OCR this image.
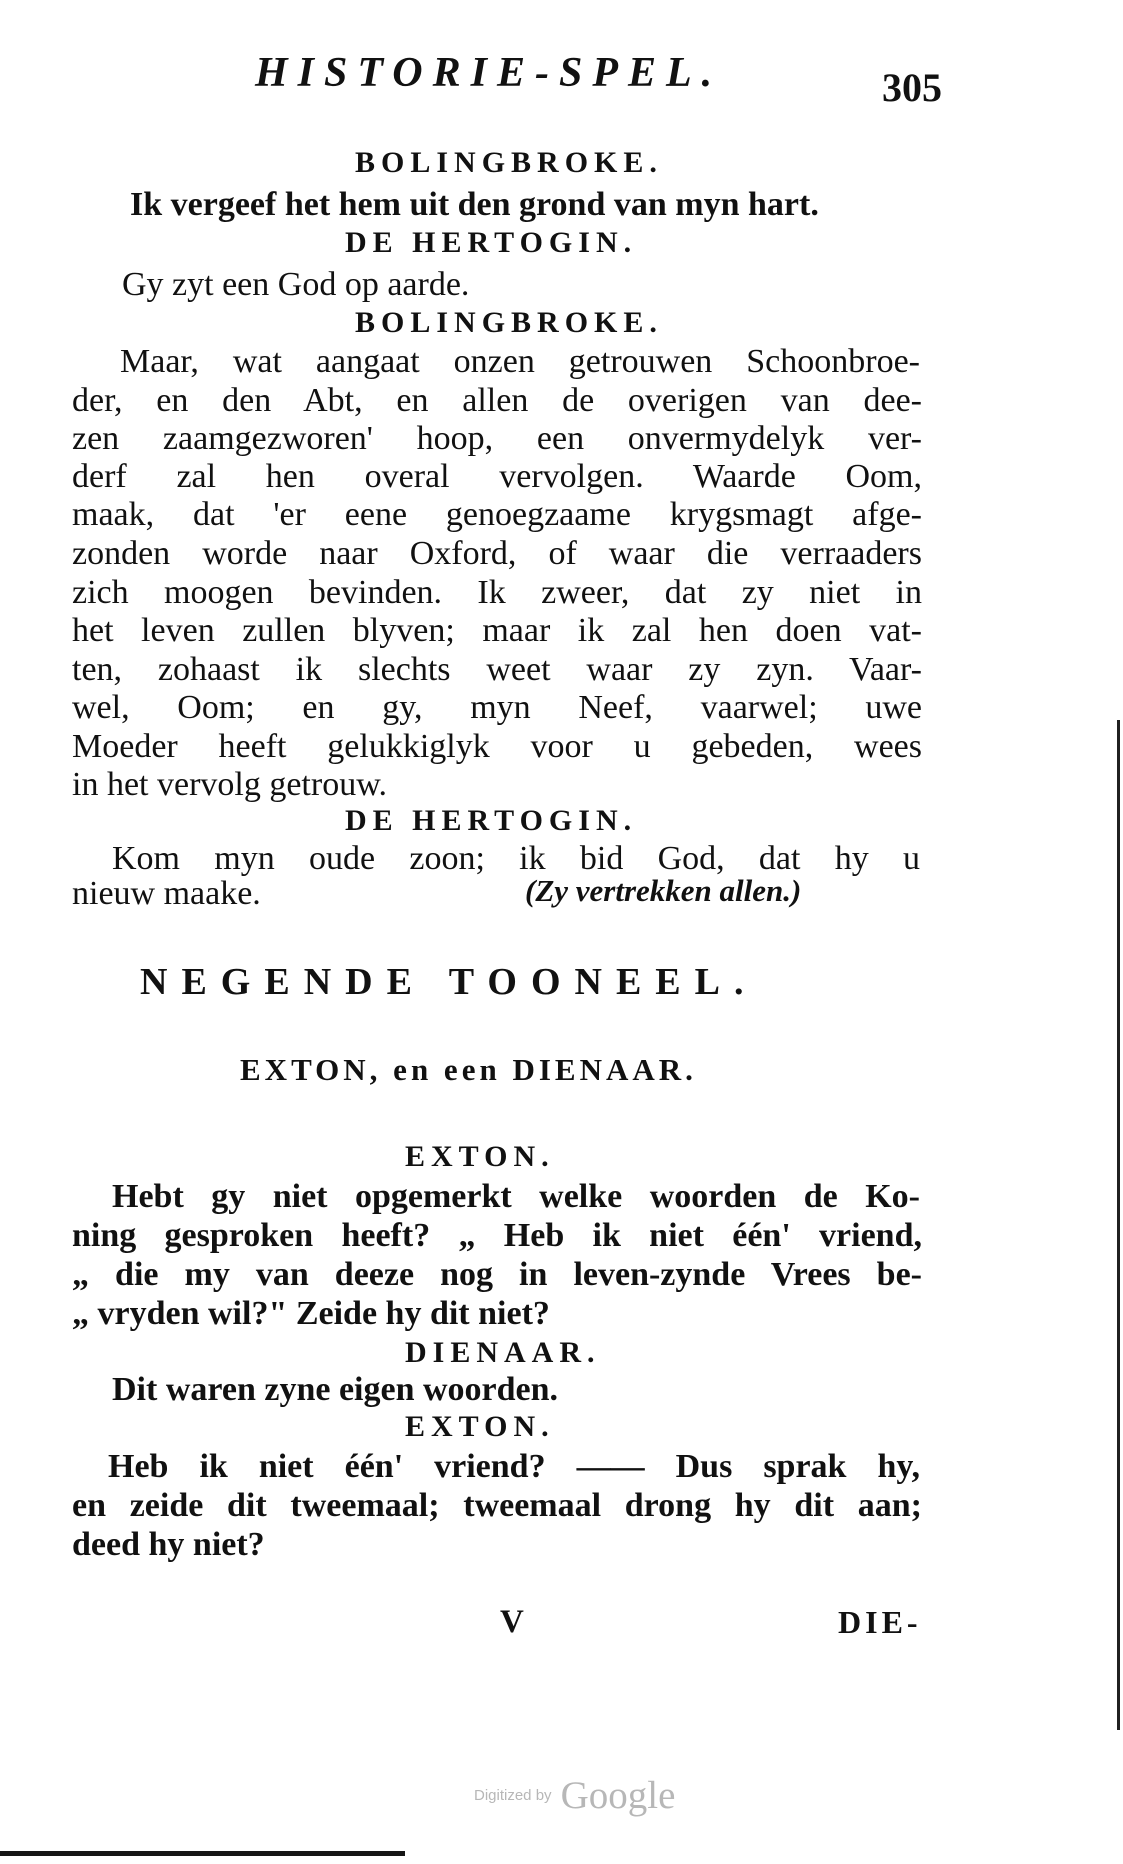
HISTORIE-SPEL.	305
BOLINGBROKE.
Ik vergeef het hem uit den grond van myn hart.
DE HERTOGIN.
Gy zyt een God op aarde.
BOLINGBROKE.
Maar, wat aangaat onzen getrouwen Schoonbroe-
der, en den Abt, en allen de overigen van dee-
zen zaamgezworen' hoop, een onvermydelyk ver-
derf zal hen overal vervolgen. Waarde Oom,
maak, dat 'er eene genoegzaame krygsmagt afge-
zonden worde naar Oxford, of waar die verraaders
zich moogen bevinden. Ik zweer, dat zy niet in
het leven zullen blyven; maar ik zal hen doen vat-
ten, zohaast ik slechts weet waar zy zyn. Vaar-
wel, Oom; en gy, myn Neef, vaarwel; uwe
Moeder heeft gelukkiglyk voor u gebeden, wees
in het vervolg getrouw.
DE HERTOGIN.
Kom myn oude zoon; ik bid God, dat hy u
nieuw maake.	(Zy vertrekken allen.)
NEGENDE TOONEEL.
EXTON, en een DIENAAR.
EXTON.
Hebt gy niet opgemerkt welke woorden de Ko-
ning gesproken heeft? „ Heb ik niet één' vriend,
„ die my van deeze nog in leven-zynde Vrees be-
„ vryden wil?" Zeide hy dit niet?
DIENAAR.
Dit waren zyne eigen woorden.
EXTON.
Heb ik niet één' vriend? —— Dus sprak hy,
en zeide dit tweemaal; tweemaal drong hy dit aan;
deed hy niet?
V	DIE-
Digitized by Google
